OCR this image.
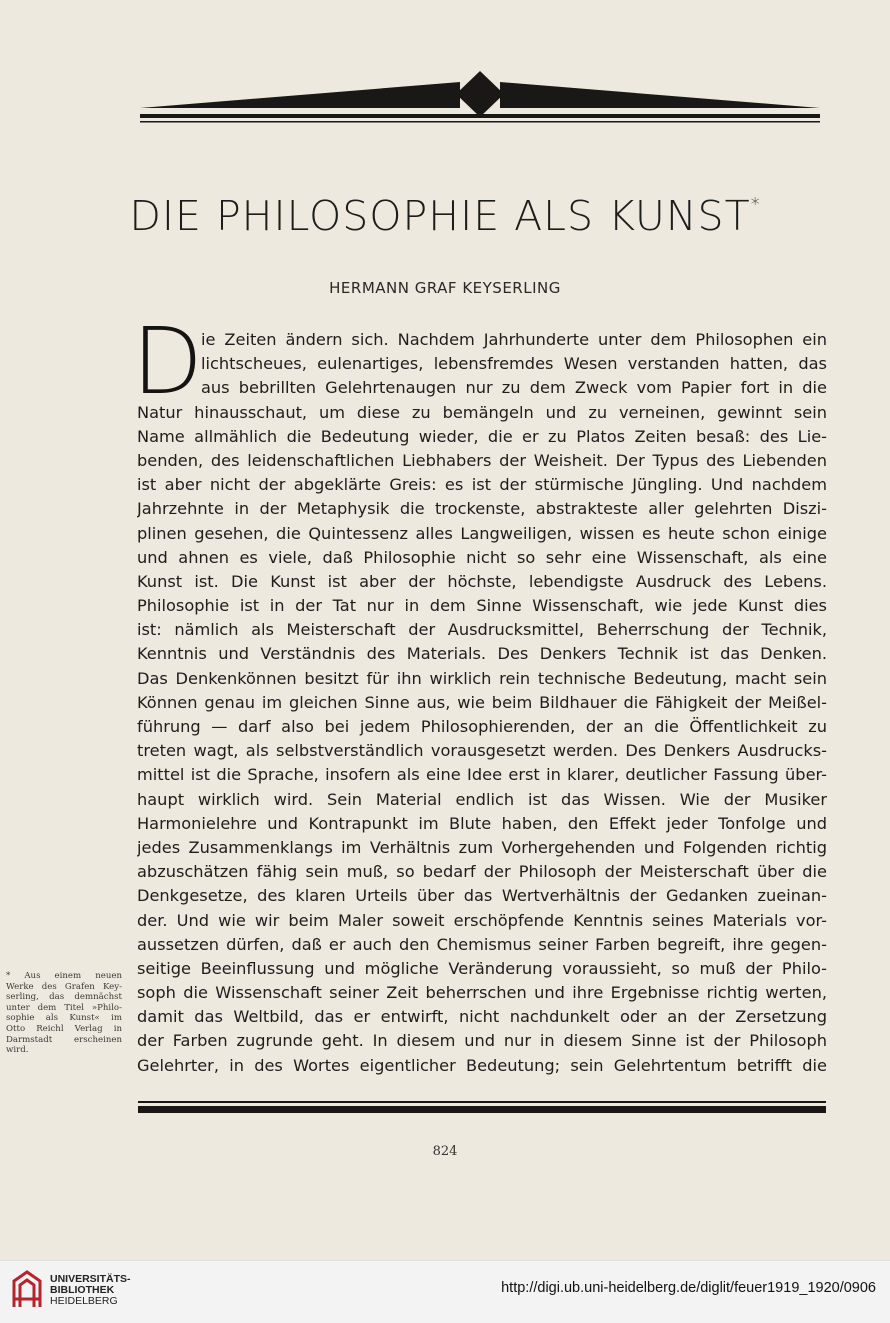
DIE PHILOSOPHIE ALS KUNST*
HERMANN GRAF KEYSERLING
D
ie Zeiten ändern sich. Nachdem Jahrhunderte unter dem Philosophen ein
lichtscheues, eulenartiges, lebensfremdes Wesen verstanden hatten, das
aus bebrillten Gelehrtenaugen nur zu dem Zweck vom Papier fort in die
Natur hinausschaut, um diese zu bemängeln und zu verneinen, gewinnt sein
Name allmählich die Bedeutung wieder, die er zu Platos Zeiten besaß: des Lie-
benden, des leidenschaftlichen Liebhabers der Weisheit. Der Typus des Liebenden
ist aber nicht der abgeklärte Greis: es ist der stürmische Jüngling. Und nachdem
Jahrzehnte in der Metaphysik die trockenste, abstrakteste aller gelehrten Diszi-
plinen gesehen, die Quintessenz alles Langweiligen, wissen es heute schon einige
und ahnen es viele, daß Philosophie nicht so sehr eine Wissenschaft, als eine
Kunst ist. Die Kunst ist aber der höchste, lebendigste Ausdruck des Lebens.
Philosophie ist in der Tat nur in dem Sinne Wissenschaft, wie jede Kunst dies
ist: nämlich als Meisterschaft der Ausdrucksmittel, Beherrschung der Technik,
Kenntnis und Verständnis des Materials. Des Denkers Technik ist das Denken.
Das Denkenkönnen besitzt für ihn wirklich rein technische Bedeutung, macht sein
Können genau im gleichen Sinne aus, wie beim Bildhauer die Fähigkeit der Meißel-
führung — darf also bei jedem Philosophierenden, der an die Öffentlichkeit zu
treten wagt, als selbstverständlich vorausgesetzt werden. Des Denkers Ausdrucks-
mittel ist die Sprache, insofern als eine Idee erst in klarer, deutlicher Fassung über-
haupt wirklich wird. Sein Material endlich ist das Wissen. Wie der Musiker
Harmonielehre und Kontrapunkt im Blute haben, den Effekt jeder Tonfolge und
jedes Zusammenklangs im Verhältnis zum Vorhergehenden und Folgenden richtig
abzuschätzen fähig sein muß, so bedarf der Philosoph der Meisterschaft über die
Denkgesetze, des klaren Urteils über das Wertverhältnis der Gedanken zueinan-
der. Und wie wir beim Maler soweit erschöpfende Kenntnis seines Materials vor-
aussetzen dürfen, daß er auch den Chemismus seiner Farben begreift, ihre gegen-
seitige Beeinflussung und mögliche Veränderung voraussieht, so muß der Philo-
soph die Wissenschaft seiner Zeit beherrschen und ihre Ergebnisse richtig werten,
damit das Weltbild, das er entwirft, nicht nachdunkelt oder an der Zersetzung
der Farben zugrunde geht. In diesem und nur in diesem Sinne ist der Philosoph
Gelehrter, in des Wortes eigentlicher Bedeutung; sein Gelehrtentum betrifft die
* Aus einem neuen
Werke des Grafen Key-
serling, das demnächst
unter dem Titel »Philo-
sophie als Kunst« im
Otto Reichl Verlag in
Darmstadt erscheinen
wird.
824
UNIVERSITÄTS-
BIBLIOTHEK
HEIDELBERG
http://digi.ub.uni-heidelberg.de/diglit/feuer1919_1920/0906
